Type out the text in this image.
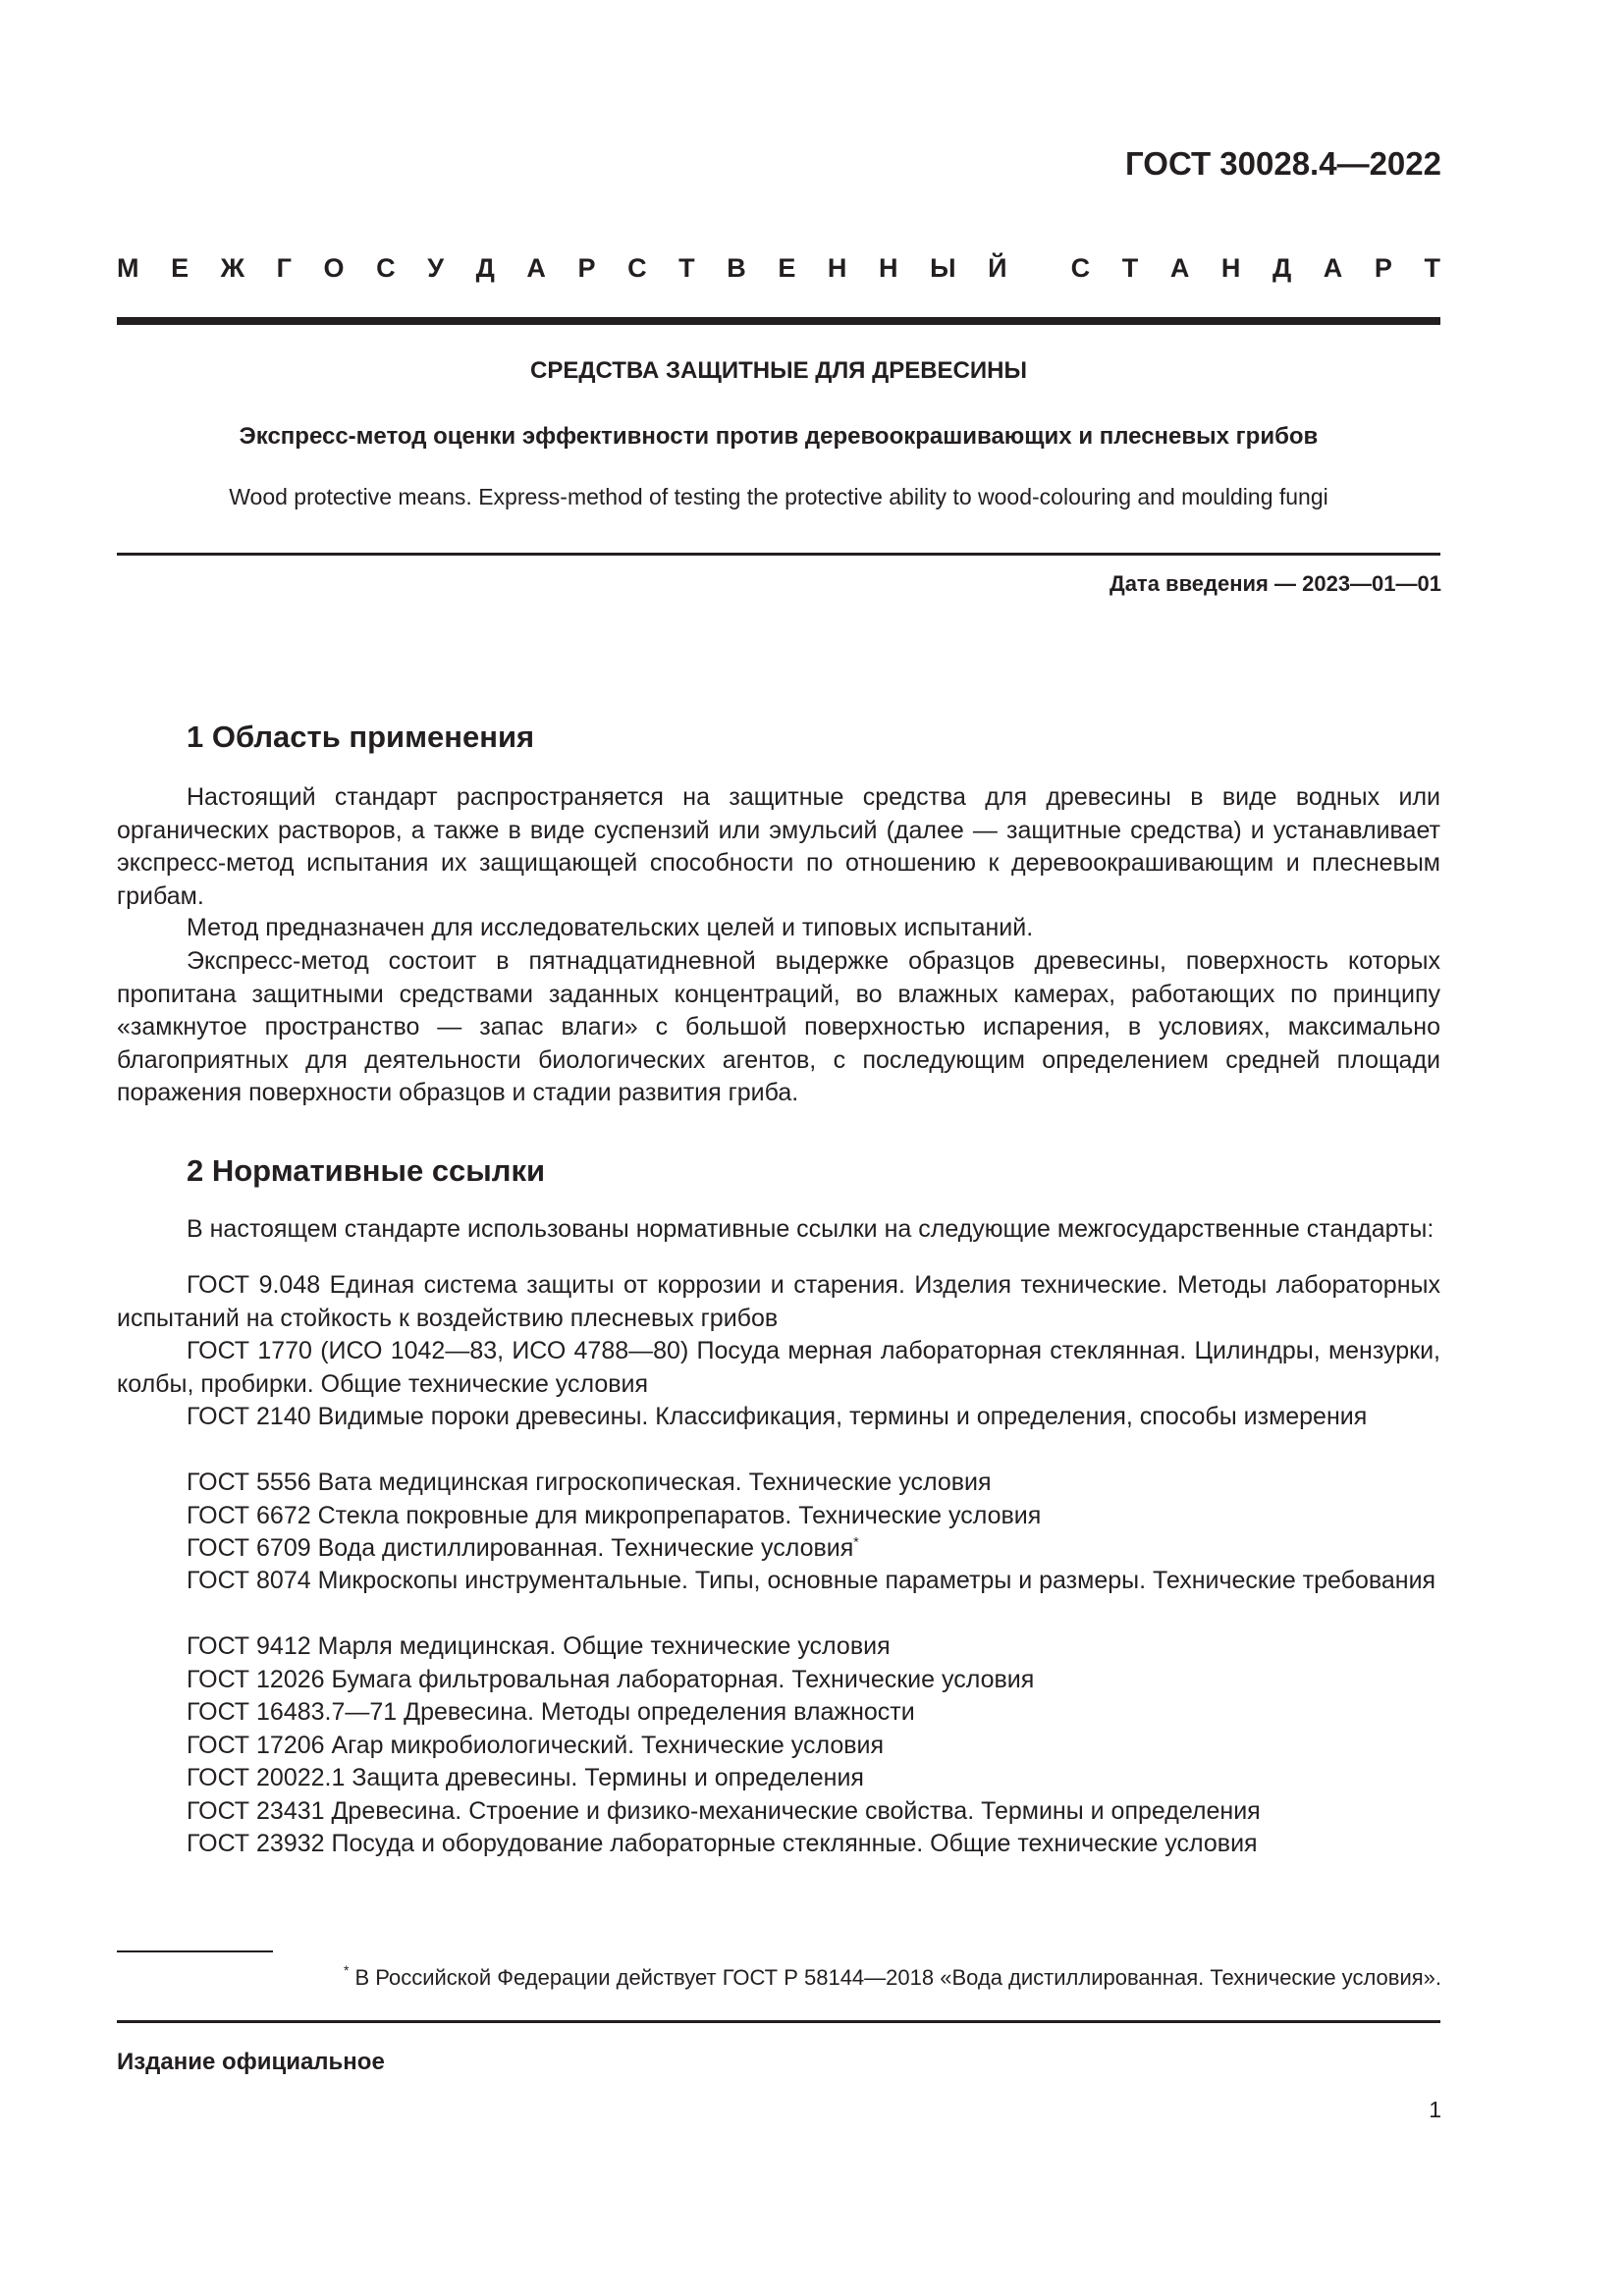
ГОСТ 30028.4—2022
М Е Ж Г О С У Д А Р С Т В Е Н Н Ы Й С Т А Н Д А Р Т
СРЕДСТВА ЗАЩИТНЫЕ ДЛЯ ДРЕВЕСИНЫ
Экспресс-метод оценки эффективности против деревоокрашивающих и плесневых грибов
Wood protective means. Express-method of testing the protective ability to wood-colouring and moulding fungi
Дата введения — 2023—01—01
1 Область применения
Настоящий стандарт распространяется на защитные средства для древесины в виде водных или органических растворов, а также в виде суспензий или эмульсий (далее — защитные средства) и устанавливает экспресс-метод испытания их защищающей способности по отношению к деревоокрашивающим и плесневым грибам.
Метод предназначен для исследовательских целей и типовых испытаний.
Экспресс-метод состоит в пятнадцатидневной выдержке образцов древесины, поверхность которых пропитана защитными средствами заданных концентраций, во влажных камерах, работающих по принципу «замкнутое пространство — запас влаги» с большой поверхностью испарения, в условиях, максимально благоприятных для деятельности биологических агентов, с последующим определением средней площади поражения поверхности образцов и стадии развития гриба.
2 Нормативные ссылки
В настоящем стандарте использованы нормативные ссылки на следующие межгосударственные стандарты:
ГОСТ 9.048 Единая система защиты от коррозии и старения. Изделия технические. Методы лабораторных испытаний на стойкость к воздействию плесневых грибов
ГОСТ 1770 (ИСО 1042—83, ИСО 4788—80) Посуда мерная лабораторная стеклянная. Цилиндры, мензурки, колбы, пробирки. Общие технические условия
ГОСТ 2140 Видимые пороки древесины. Классификация, термины и определения, способы измерения
ГОСТ 5556 Вата медицинская гигроскопическая. Технические условия
ГОСТ 6672 Стекла покровные для микропрепаратов. Технические условия
ГОСТ 6709 Вода дистиллированная. Технические условия*
ГОСТ 8074 Микроскопы инструментальные. Типы, основные параметры и размеры. Технические требования
ГОСТ 9412 Марля медицинская. Общие технические условия
ГОСТ 12026 Бумага фильтровальная лабораторная. Технические условия
ГОСТ 16483.7—71 Древесина. Методы определения влажности
ГОСТ 17206 Агар микробиологический. Технические условия
ГОСТ 20022.1 Защита древесины. Термины и определения
ГОСТ 23431 Древесина. Строение и физико-механические свойства. Термины и определения
ГОСТ 23932 Посуда и оборудование лабораторные стеклянные. Общие технические условия
* В Российской Федерации действует ГОСТ Р 58144—2018 «Вода дистиллированная. Технические условия».
Издание официальное
1
